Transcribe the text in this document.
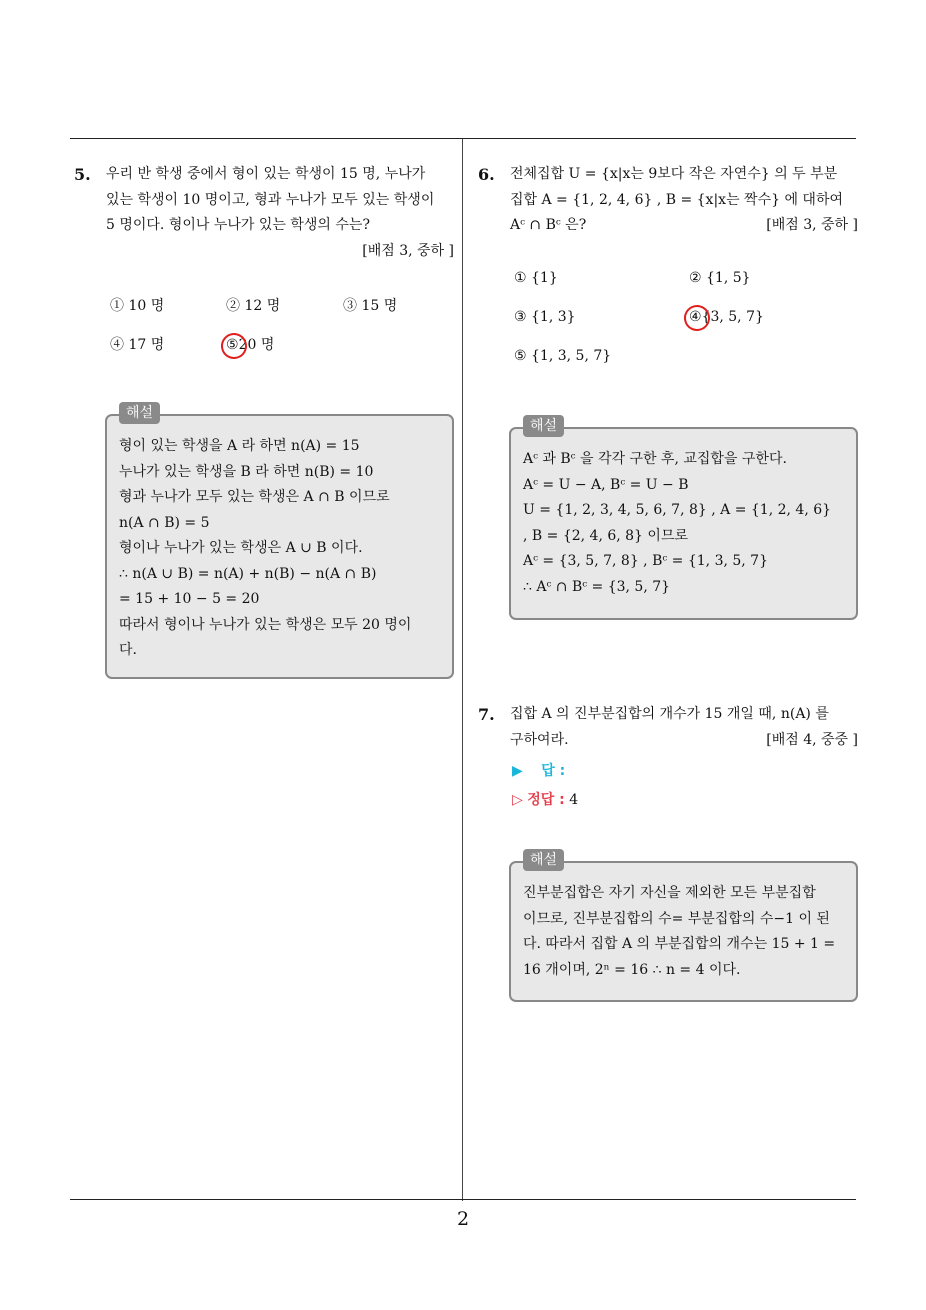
2
5. 우리 반 학생 중에서 형이 있는 학생이 15 명, 누나가
있는 학생이 10 명이고, 형과 누나가 모두 있는 학생이
5 명이다. 형이나 누나가 있는 학생의 수는?
[배점 3, 중하 ]
① 10 명	② 12 명	③ 15 명
④ 17 명	⑤20 명
해설
형이 있는 학생을 A 라 하면 n(A) = 15
누나가 있는 학생을 B 라 하면 n(B) = 10
형과 누나가 모두 있는 학생은 A ∩ B 이므로
n(A ∩ B) = 5
형이나 누나가 있는 학생은 A ∪ B 이다.
∴ n(A ∪ B) = n(A) + n(B) − n(A ∩ B)
= 15 + 10 − 5 = 20
따라서 형이나 누나가 있는 학생은 모두 20 명이
다.
6. 전체집합 U = {x|x는 9보다 작은 자연수} 의 두 부분
집합 A = {1, 2, 4, 6} , B = {x|x는 짝수} 에 대하여
Aᶜ ∩ Bᶜ 은?	[배점 3, 중하 ]
① {1}	② {1, 5}
③ {1, 3}	④{3, 5, 7}
⑤ {1, 3, 5, 7}
해설
Aᶜ 과 Bᶜ 을 각각 구한 후, 교집합을 구한다.
Aᶜ = U − A, Bᶜ = U − B
U = {1, 2, 3, 4, 5, 6, 7, 8} , A = {1, 2, 4, 6}
, B = {2, 4, 6, 8} 이므로
Aᶜ = {3, 5, 7, 8} , Bᶜ = {1, 3, 5, 7}
∴ Aᶜ ∩ Bᶜ = {3, 5, 7}
7. 집합 A 의 진부분집합의 개수가 15 개일 때, n(A) 를
구하여라.	[배점 4, 중중 ]
▶ 답 :
▷ 정답 : 4
해설
진부분집합은 자기 자신을 제외한 모든 부분집합
이므로, 진부분집합의 수= 부분집합의 수−1 이 된
다. 따라서 집합 A 의 부분집합의 개수는 15 + 1 =
16 개이며, 2ⁿ = 16 ∴ n = 4 이다.
